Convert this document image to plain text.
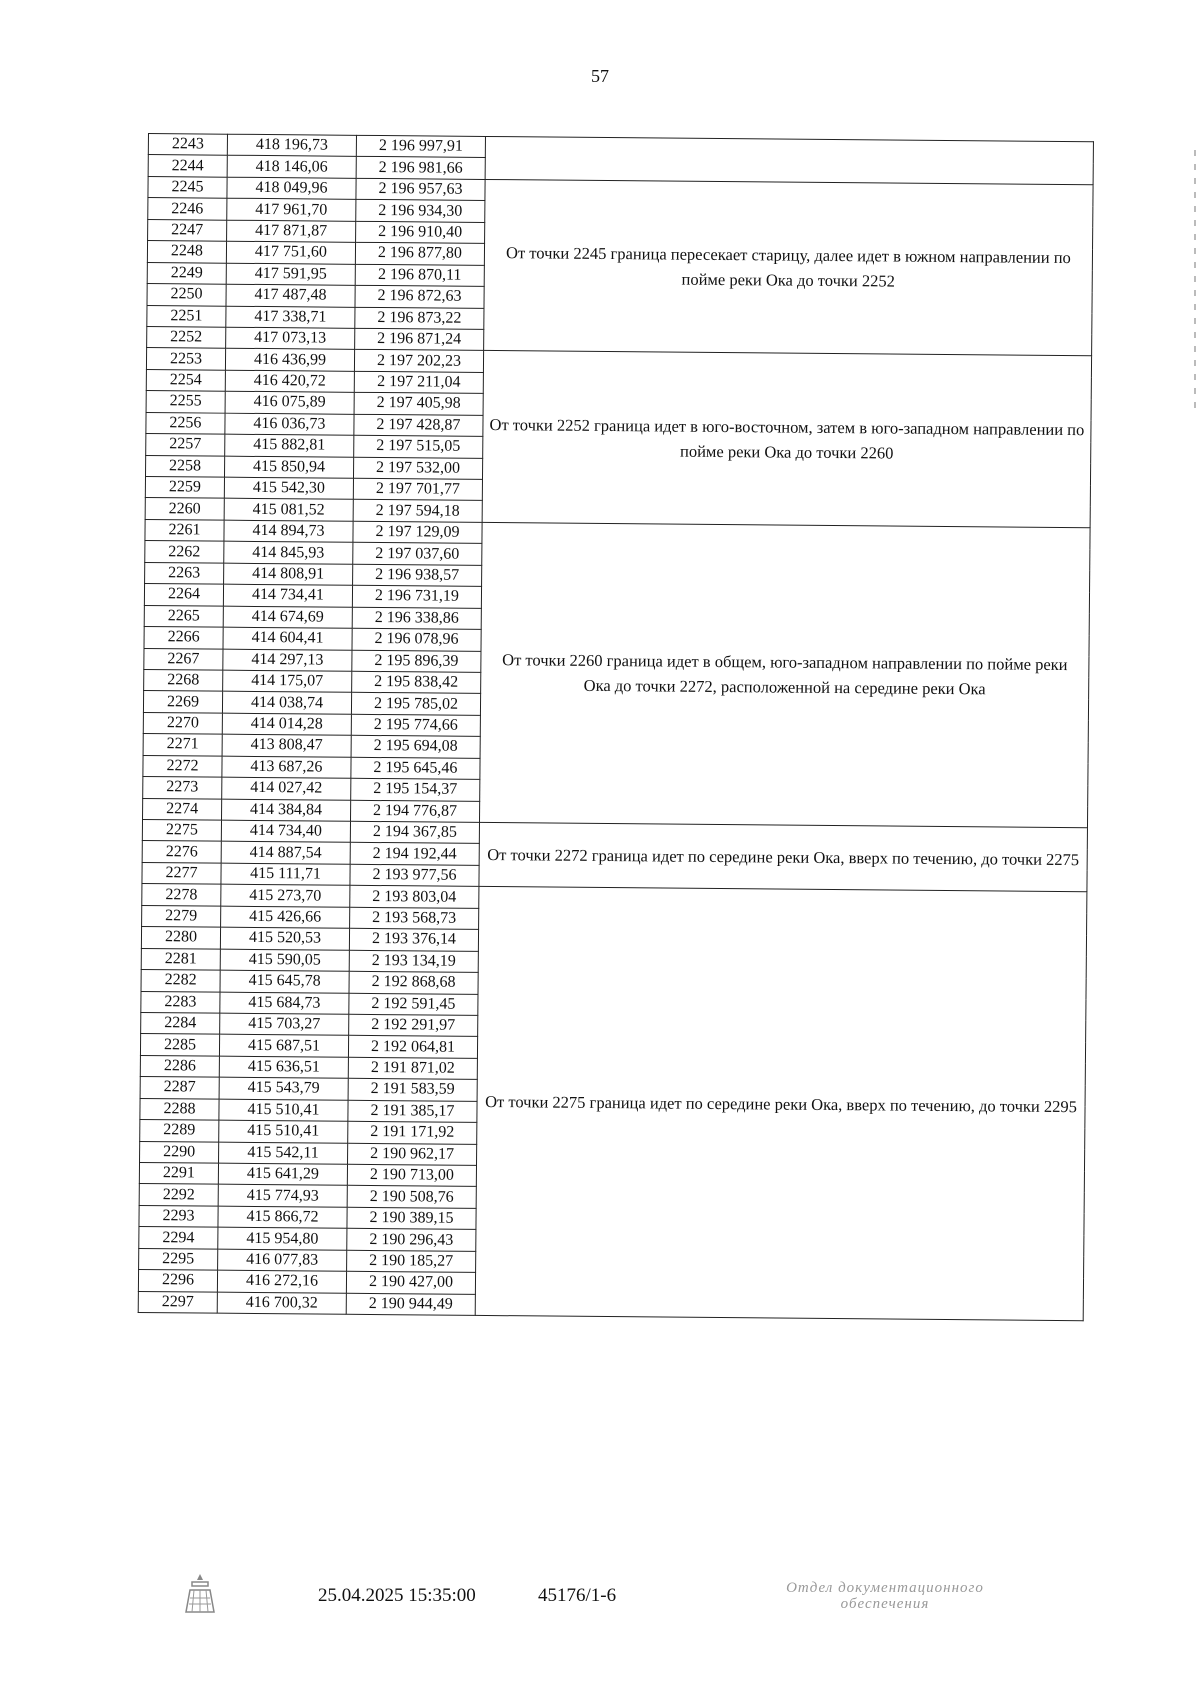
57
2243	418 196,73	2 196 997,91	
2244	418 146,06	2 196 981,66	
2245	418 049,96	2 196 957,63	От точки 2245 граница пересекает старицу, далее идет в южном направлении по пойме реки Ока до точки 2252
2246	417 961,70	2 196 934,30	
2247	417 871,87	2 196 910,40	
2248	417 751,60	2 196 877,80	
2249	417 591,95	2 196 870,11	
2250	417 487,48	2 196 872,63	
2251	417 338,71	2 196 873,22	
2252	417 073,13	2 196 871,24	
2253	416 436,99	2 197 202,23	От точки 2252 граница идет в юго-восточном, затем в юго-западном направлении по пойме реки Ока до точки 2260
2254	416 420,72	2 197 211,04	
2255	416 075,89	2 197 405,98	
2256	416 036,73	2 197 428,87	
2257	415 882,81	2 197 515,05	
2258	415 850,94	2 197 532,00	
2259	415 542,30	2 197 701,77	
2260	415 081,52	2 197 594,18	
2261	414 894,73	2 197 129,09	От точки 2260 граница идет в общем, юго-западном направлении по пойме реки Ока до точки 2272, расположенной на середине реки Ока
2262	414 845,93	2 197 037,60	
2263	414 808,91	2 196 938,57	
2264	414 734,41	2 196 731,19	
2265	414 674,69	2 196 338,86	
2266	414 604,41	2 196 078,96	
2267	414 297,13	2 195 896,39	
2268	414 175,07	2 195 838,42	
2269	414 038,74	2 195 785,02	
2270	414 014,28	2 195 774,66	
2271	413 808,47	2 195 694,08	
2272	413 687,26	2 195 645,46	
2273	414 027,42	2 195 154,37	
2274	414 384,84	2 194 776,87	
2275	414 734,40	2 194 367,85	От точки 2272 граница идет по середине реки Ока, вверх по течению, до точки 2275
2276	414 887,54	2 194 192,44	
2277	415 111,71	2 193 977,56	
2278	415 273,70	2 193 803,04	От точки 2275 граница идет по середине реки Ока, вверх по течению, до точки 2295
2279	415 426,66	2 193 568,73	
2280	415 520,53	2 193 376,14	
2281	415 590,05	2 193 134,19	
2282	415 645,78	2 192 868,68	
2283	415 684,73	2 192 591,45	
2284	415 703,27	2 192 291,97	
2285	415 687,51	2 192 064,81	
2286	415 636,51	2 191 871,02	
2287	415 543,79	2 191 583,59	
2288	415 510,41	2 191 385,17	
2289	415 510,41	2 191 171,92	
2290	415 542,11	2 190 962,17	
2291	415 641,29	2 190 713,00	
2292	415 774,93	2 190 508,76	
2293	415 866,72	2 190 389,15	
2294	415 954,80	2 190 296,43	
2295	416 077,83	2 190 185,27	
2296	416 272,16	2 190 427,00	
2297	416 700,32	2 190 944,49	
25.04.2025 15:35:00	45176/1-6	Отдел документационного обеспечения
